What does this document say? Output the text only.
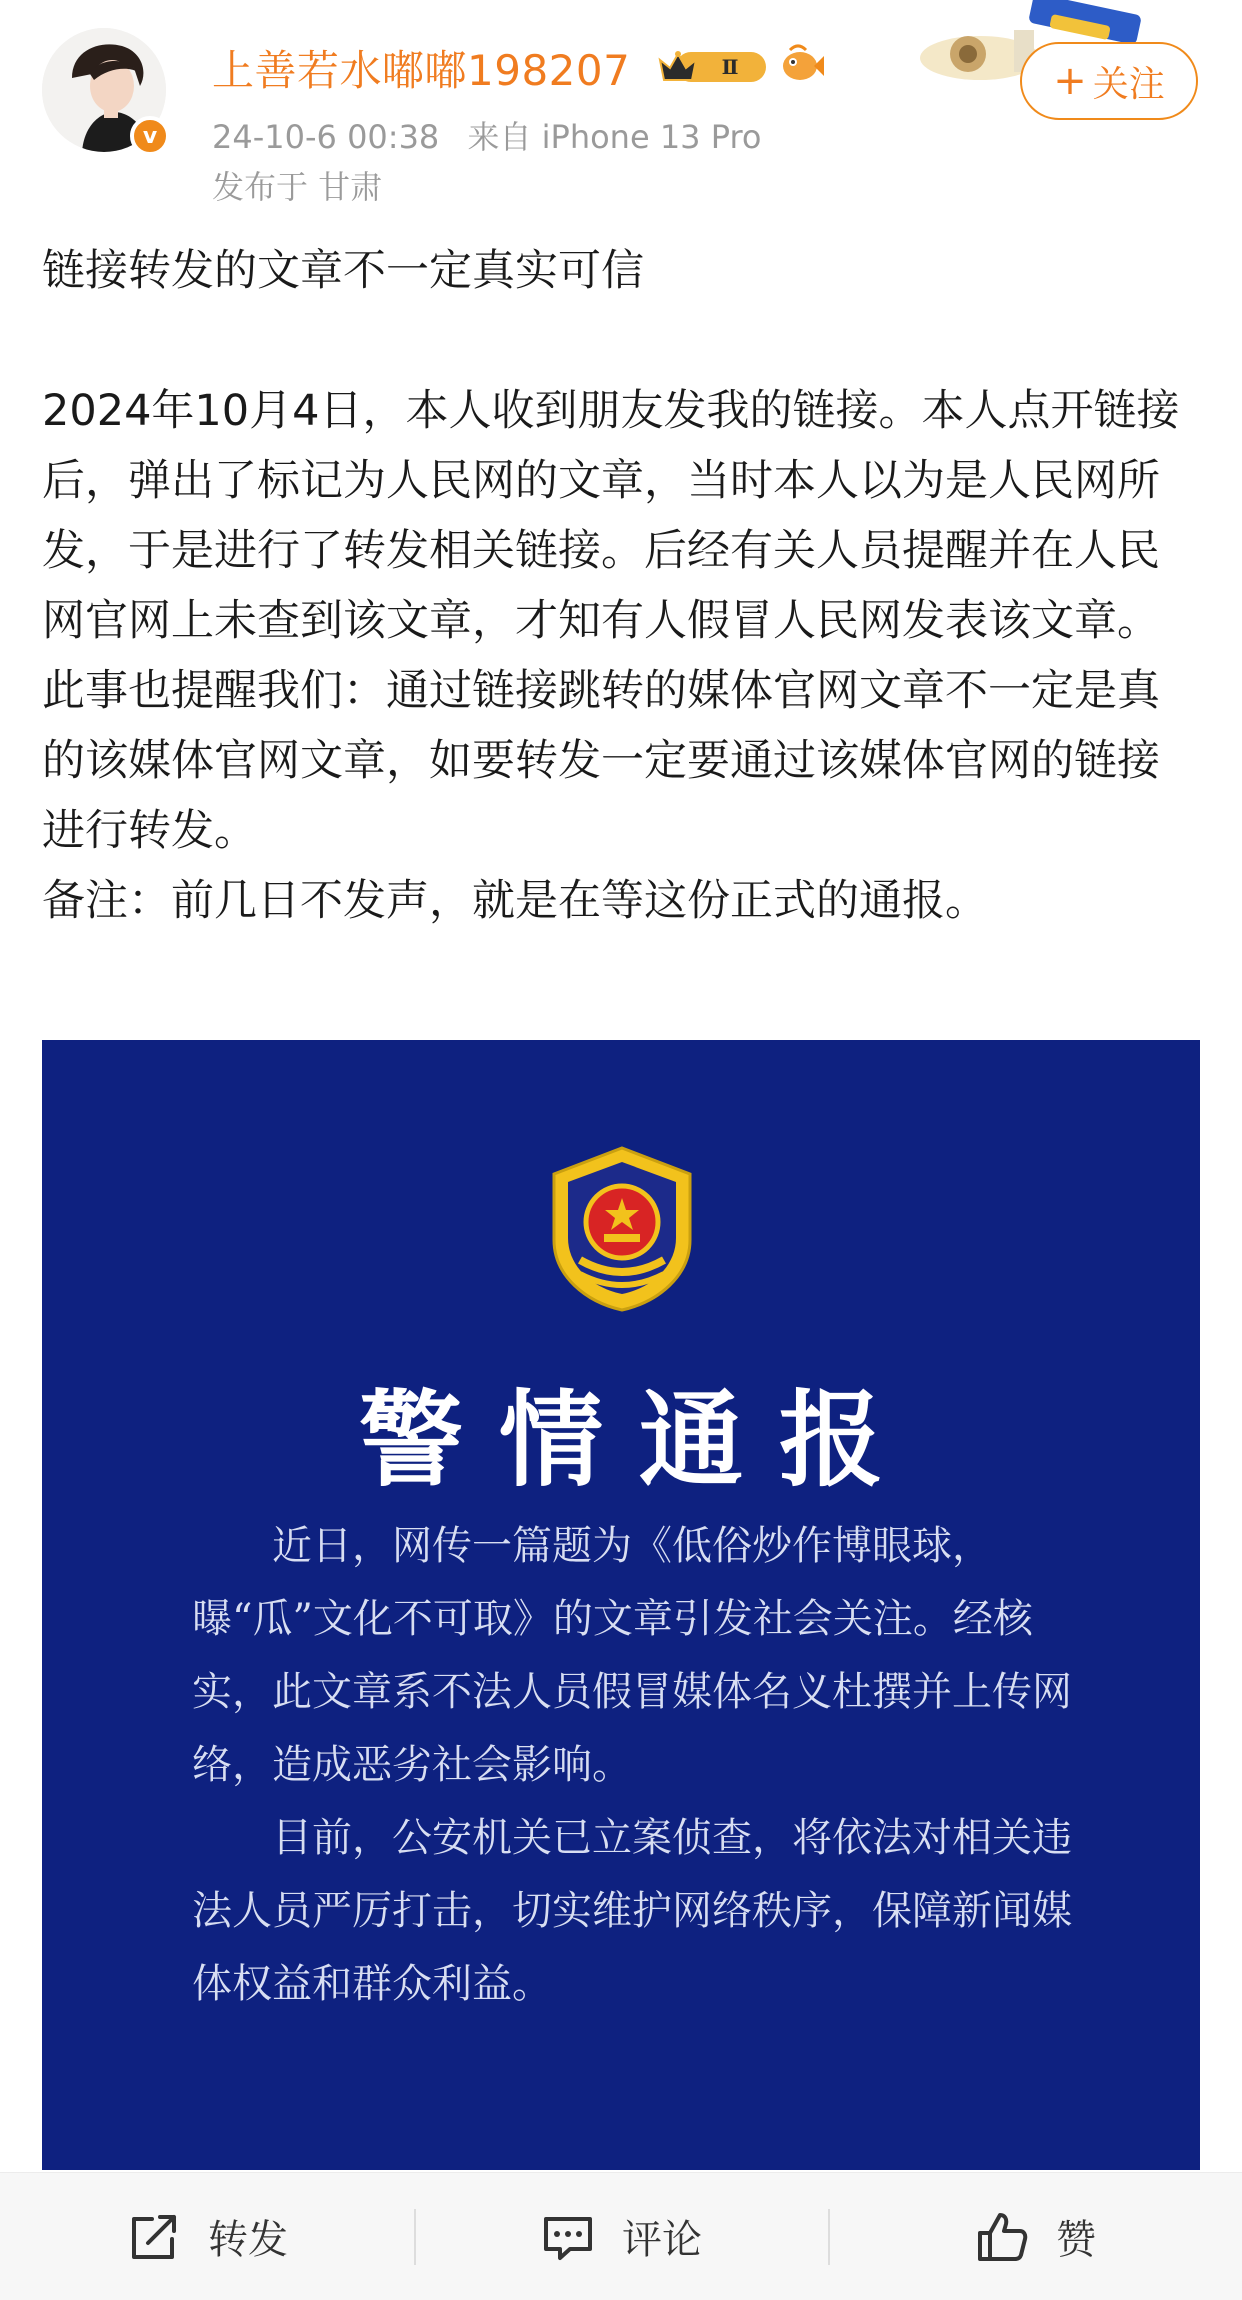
v
上善若水嘟嘟198207	Ⅱ
24-10-6 00:38 来自 iPhone 13 Pro
发布于 甘肃
+ 关注

链接转发的文章不一定真实可信

2024年10月4日，本人收到朋友发我的链接。本人点开链接后，弹出了标记为人民网的文章，当时本人以为是人民网所发，于是进行了转发相关链接。后经有关人员提醒并在人民网官网上未查到该文章，才知有人假冒人民网发表该文章。

此事也提醒我们：通过链接跳转的媒体官网文章不一定是真的该媒体官网文章，如要转发一定要通过该媒体官网的链接进行转发。

备注：前几日不发声，就是在等这份正式的通报。

警情通报

近日，网传一篇题为《低俗炒作博眼球，曝“瓜”文化不可取》的文章引发社会关注。经核实，此文章系不法人员假冒媒体名义杜撰并上传网络，造成恶劣社会影响。

目前，公安机关已立案侦查，将依法对相关违法人员严厉打击，切实维护网络秩序，保障新闻媒体权益和群众利益。

转发	评论	赞
